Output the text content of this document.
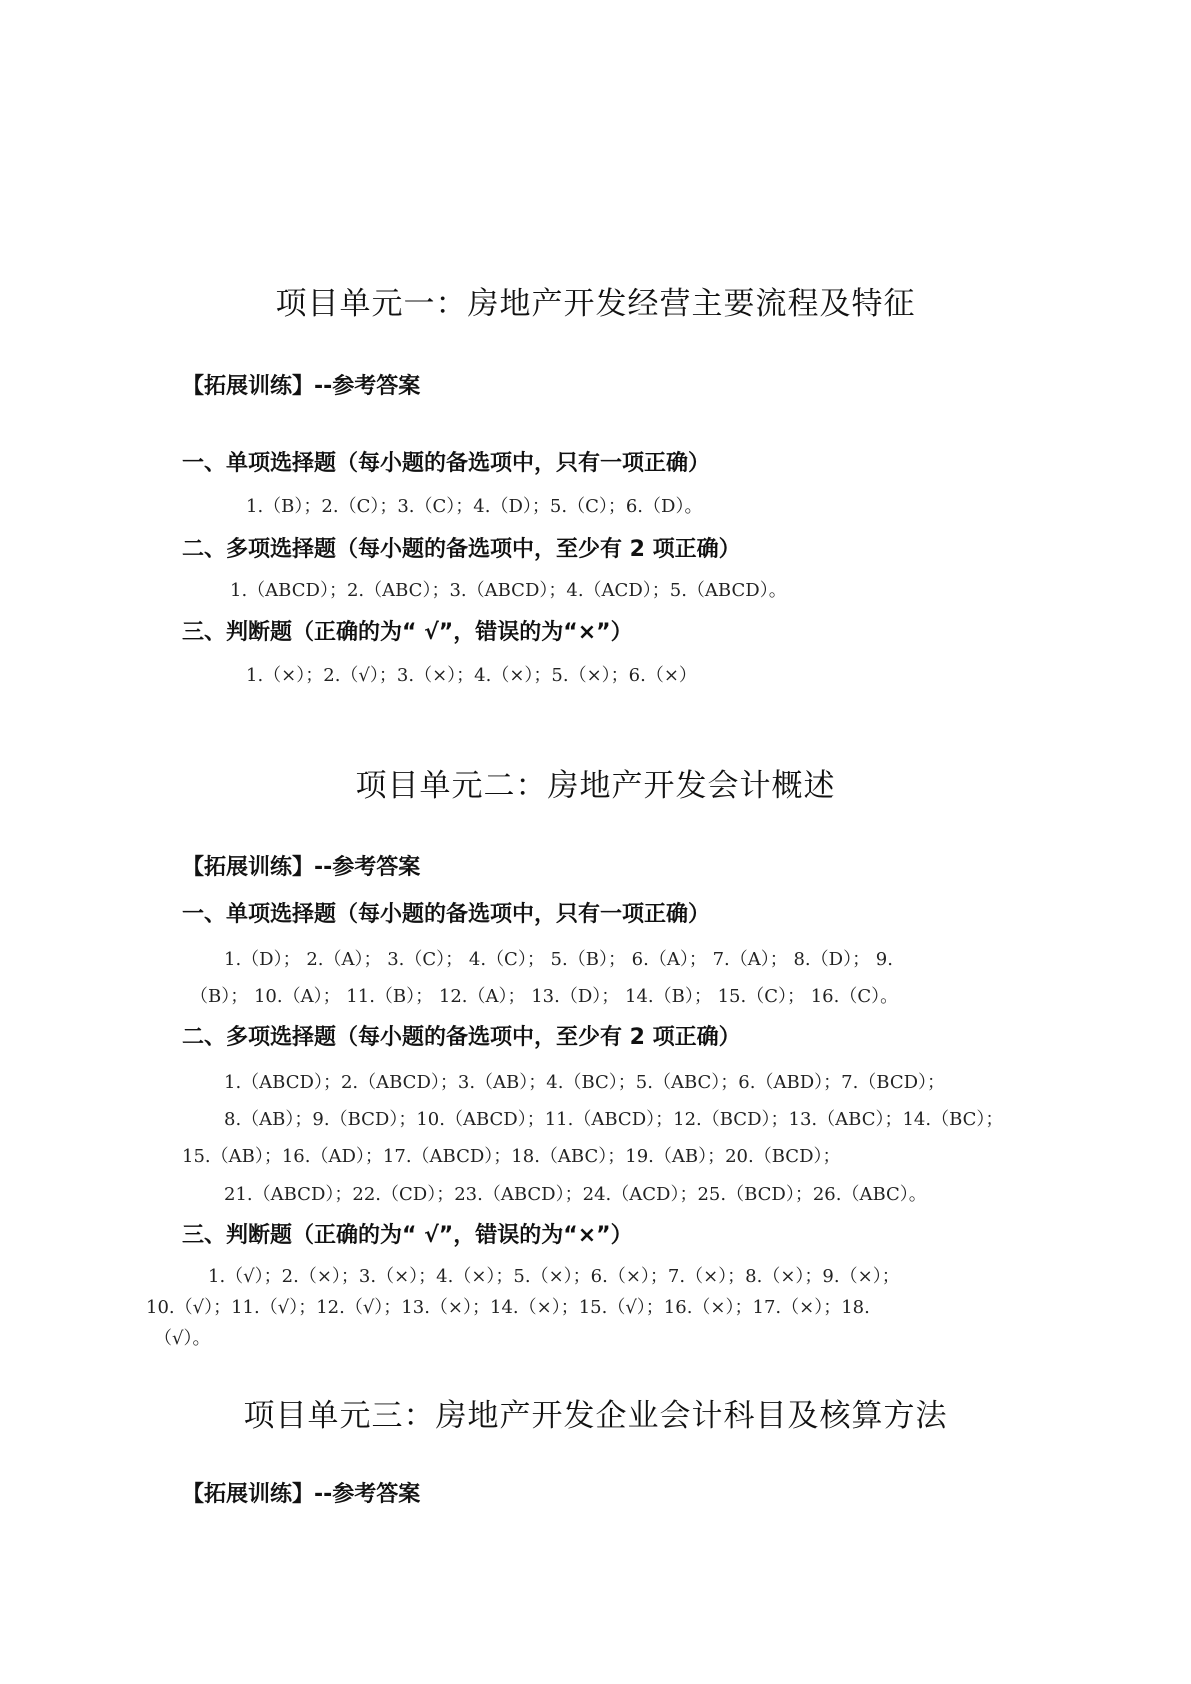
项目单元一：房地产开发经营主要流程及特征
【拓展训练】--参考答案
一、单项选择题（每小题的备选项中，只有一项正确）
1.（B）；2.（C）；3.（C）；4.（D）；5.（C）；6.（D）。
二、多项选择题（每小题的备选项中，至少有 2 项正确）
1.（ABCD）；2.（ABC）；3.（ABCD）；4.（ACD）；5.（ABCD）。
三、判断题（正确的为“ √”，错误的为“×”）
1.（×）；2.（√）；3.（×）；4.（×）；5.（×）；6.（×）
项目单元二：房地产开发会计概述
【拓展训练】--参考答案
一、单项选择题（每小题的备选项中，只有一项正确）
1.（D）； 2.（A）； 3.（C）； 4.（C）； 5.（B）； 6.（A）； 7.（A）； 8.（D）； 9.
（B）； 10.（A）； 11.（B）； 12.（A）； 13.（D）； 14.（B）； 15.（C）； 16.（C）。
二、多项选择题（每小题的备选项中，至少有 2 项正确）
1.（ABCD）；2.（ABCD）；3.（AB）；4.（BC）；5.（ABC）；6.（ABD）；7.（BCD）；
8.（AB）；9.（BCD）；10.（ABCD）；11.（ABCD）；12.（BCD）；13.（ABC）；14.（BC）；
15.（AB）；16.（AD）；17.（ABCD）；18.（ABC）；19.（AB）；20.（BCD）；
21.（ABCD）；22.（CD）；23.（ABCD）；24.（ACD）；25.（BCD）；26.（ABC）。
三、判断题（正确的为“ √”，错误的为“×”）
1.（√）；2.（×）；3.（×）；4.（×）；5.（×）；6.（×）；7.（×）；8.（×）；9.（×）；
10.（√）；11.（√）；12.（√）；13.（×）；14.（×）；15.（√）；16.（×）；17.（×）；18.
（√）。
项目单元三：房地产开发企业会计科目及核算方法
【拓展训练】--参考答案
